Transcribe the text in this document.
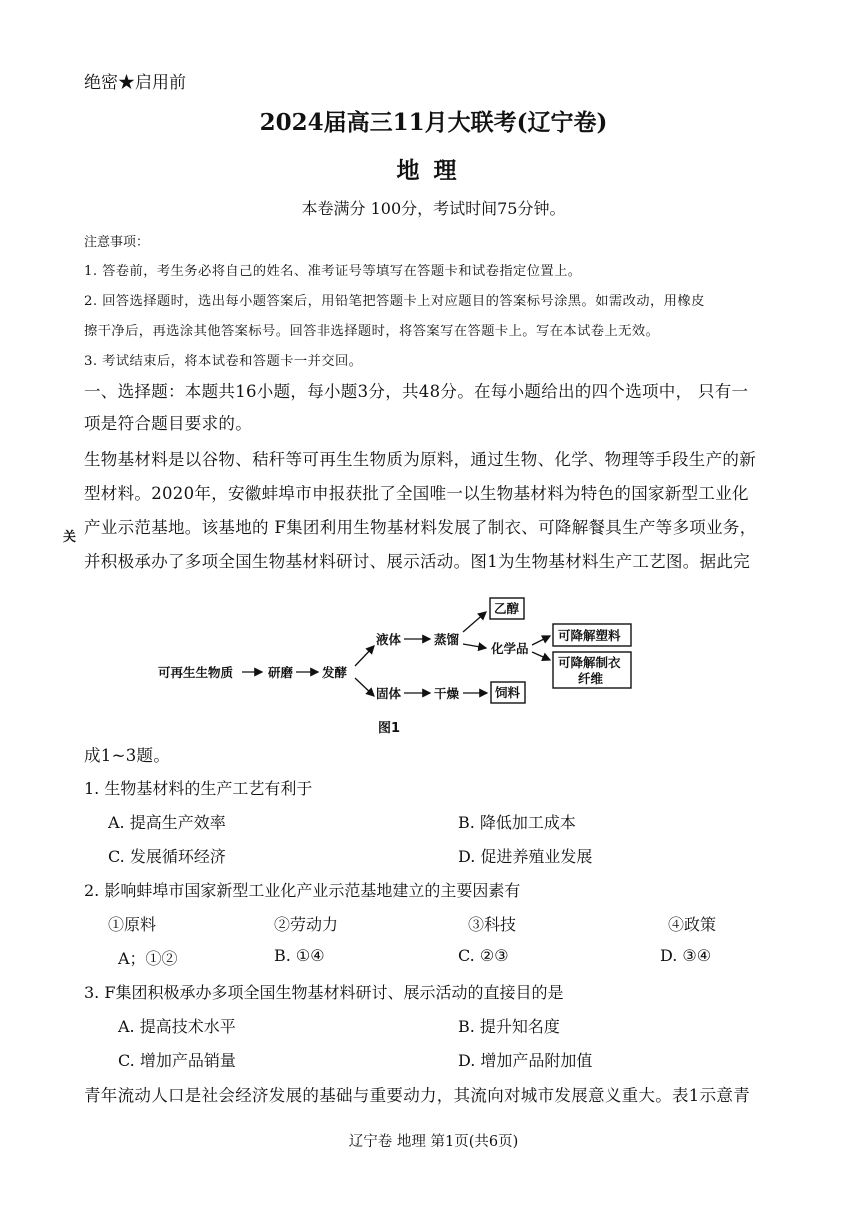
绝密★启用前
2024届高三11月大联考(辽宁卷)
地理
本卷满分 100分，考试时间75分钟。
注意事项：
1. 答卷前，考生务必将自己的姓名、准考证号等填写在答题卡和试卷指定位置上。
2. 回答选择题时，选出每小题答案后，用铅笔把答题卡上对应题目的答案标号涂黑。如需改动，用橡皮
擦干净后，再选涂其他答案标号。回答非选择题时，将答案写在答题卡上。写在本试卷上无效。
3. 考试结束后，将本试卷和答题卡一并交回。
一、选择题：本题共16小题，每小题3分，共48分。在每小题给出的四个选项中， 只有一
项是符合题目要求的。
生物基材料是以谷物、秸秆等可再生生物质为原料，通过生物、化学、物理等手段生产的新
型材料。2020年，安徽蚌埠市申报获批了全国唯一以生物基材料为特色的国家新型工业化
产业示范基地。该基地的 F集团利用生物基材料发展了制衣、可降解餐具生产等多项业务，
并积极承办了多项全国生物基材料研讨、展示活动。图1为生物基材料生产工艺图。据此完
关
可再生生物质	研磨 发酵
液体
固体
蒸馏
干燥
乙醇
化学品
可降解塑料
可降解制衣
纤维
饲料
图1
成1~3题。
1. 生物基材料的生产工艺有利于
A. 提高生产效率	B. 降低加工成本
C. 发展循环经济	D. 促进养殖业发展
2. 影响蚌埠市国家新型工业化产业示范基地建立的主要因素有
①原料	②劳动力	③科技	④政策
A；①②	B. ①④	C. ②③	D. ③④
3. F集团积极承办多项全国生物基材料研讨、展示活动的直接目的是
A. 提高技术水平	B. 提升知名度
C. 增加产品销量	D. 增加产品附加值
青年流动人口是社会经济发展的基础与重要动力，其流向对城市发展意义重大。表1示意青
辽宁卷 地理 第1页(共6页)
